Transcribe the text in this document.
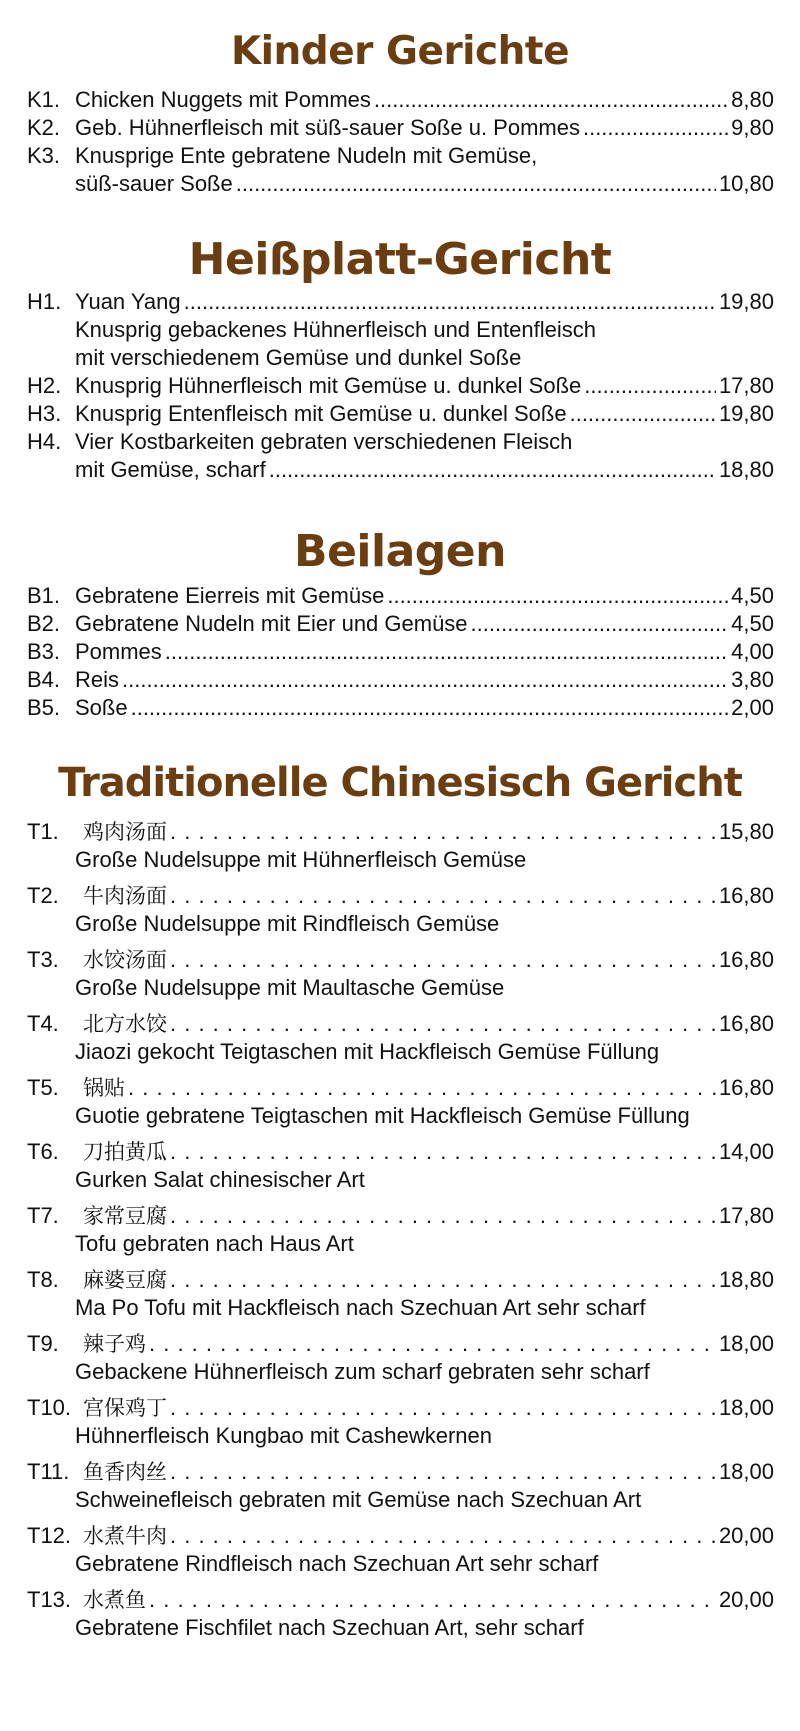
Kinder Gerichte
K1. Chicken Nuggets mit Pommes .....	8,80
K2. Geb. Hühnerfleisch mit süß-sauer Soße u. Pommes .....	9,80
K3. Knusprige Ente gebratene Nudeln mit Gemüse,
süß-sauer Soße .....	10,80
Heißplatt-Gericht
H1. Yuan Yang .....	19,80
Knusprig gebackenes Hühnerfleisch und Entenfleisch
mit verschiedenem Gemüse und dunkel Soße
H2. Knusprig Hühnerfleisch mit Gemüse u. dunkel Soße .....	17,80
H3. Knusprig Entenfleisch mit Gemüse u. dunkel Soße .....	19,80
H4. Vier Kostbarkeiten gebraten verschiedenen Fleisch
mit Gemüse, scharf .....	18,80
Beilagen
B1. Gebratene Eierreis mit Gemüse .....	4,50
B2. Gebratene Nudeln mit Eier und Gemüse .....	4,50
B3. Pommes .....	4,00
B4. Reis .....	3,80
B5. Soße .....	2,00
Traditionelle Chinesisch Gericht
T1.	鸡肉汤面 . . .	15,80
Große Nudelsuppe mit Hühnerfleisch Gemüse
T2.	牛肉汤面 . . .	16,80
Große Nudelsuppe mit Rindfleisch Gemüse
T3.	水饺汤面 . . .	16,80
Große Nudelsuppe mit Maultasche Gemüse
T4.	北方水饺 . . .	16,80
Jiaozi gekocht Teigtaschen mit Hackfleisch Gemüse Füllung
T5.	锅贴 . . .	16,80
Guotie gebratene Teigtaschen mit Hackfleisch Gemüse Füllung
T6.	刀拍黄瓜 . . .	14,00
Gurken Salat chinesischer Art
T7.	家常豆腐 . . .	17,80
Tofu gebraten nach Haus Art
T8.	麻婆豆腐 . . .	18,80
Ma Po Tofu mit Hackfleisch nach Szechuan Art sehr scharf
T9.	辣子鸡 . . .	18,00
Gebackene Hühnerfleisch zum scharf gebraten sehr scharf
T10. 宫保鸡丁 . . .	18,00
Hühnerfleisch Kungbao mit Cashewkernen
T11. 鱼香肉丝 . . .	18,00
Schweinefleisch gebraten mit Gemüse nach Szechuan Art
T12. 水煮牛肉 . . .	20,00
Gebratene Rindfleisch nach Szechuan Art sehr scharf
T13. 水煮鱼 . . .	20,00
Gebratene Fischfilet nach Szechuan Art, sehr scharf
